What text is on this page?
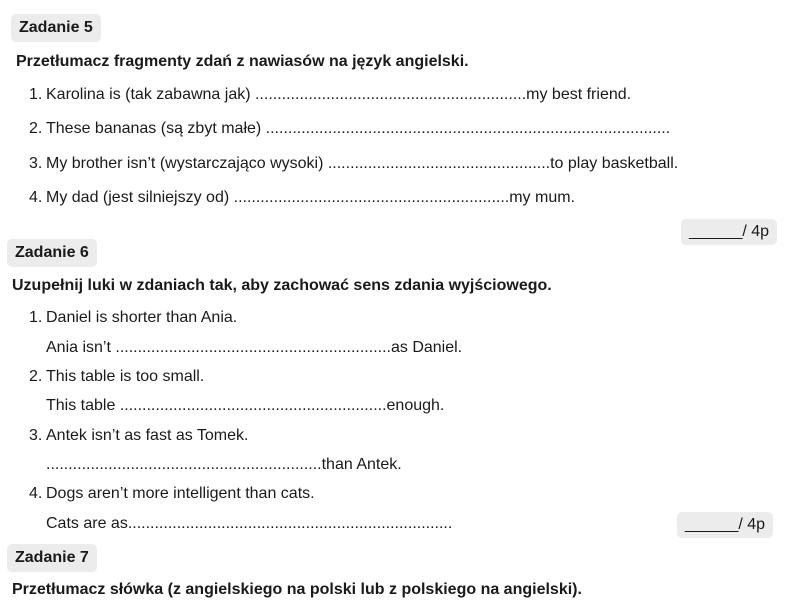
Zadanie 5
Przetłumacz fragmenty zdań z nawiasów na język angielski.
1. Karolina is (tak zabawna jak) .............................................................my best friend.
2. These bananas (są zbyt małe) ...........................................................................................
3. My brother isn’t (wystarczająco wysoki) ..................................................to play basketball.
4. My dad (jest silniejszy od) ..............................................................my mum.
______/ 4p
Zadanie 6
Uzupełnij luki w zdaniach tak, aby zachować sens zdania wyjściowego.
1. Daniel is shorter than Ania.
Ania isn’t ..............................................................as Daniel.
2. This table is too small.
This table ............................................................enough.
3. Antek isn’t as fast as Tomek.
..............................................................than Antek.
4. Dogs aren’t more intelligent than cats.
Cats are as.........................................................................	______/ 4p
Zadanie 7
Przetłumacz słówka (z angielskiego na polski lub z polskiego na angielski).
